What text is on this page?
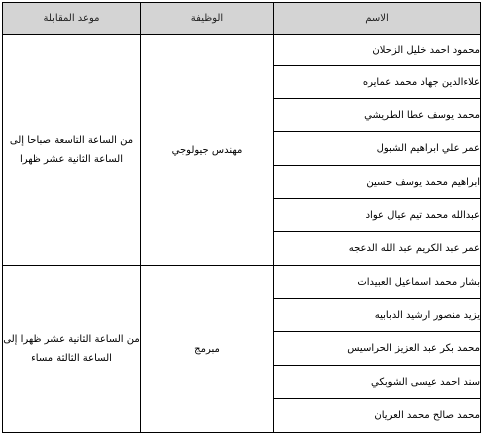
الاسم	الوظيفة	موعد المقابلة
محمود احمد خليل الزحلان	مهندس جيولوجي	من الساعة التاسعة صباحا إلى الساعة الثانية عشر ظهرا
علاءالدين جهاد محمد عمايره		
محمد يوسف عطا الطريشي		
عمر علي ابراهيم الشبول		
ابراهيم محمد يوسف حسين		
عبدالله محمد تيم عيال عواد		
عمر عبد الكريم عبد الله الدعجه		
بشار محمد اسماعيل العبيدات	مبرمج	من الساعة الثانية عشر ظهرا إلى الساعة الثالثة مساء
يزيد منصور ارشيد الدبابيه		
محمد بكر عبد العزيز الحراسيس		
سند احمد عيسى الشوبكي		
محمد صالح محمد العريان		
